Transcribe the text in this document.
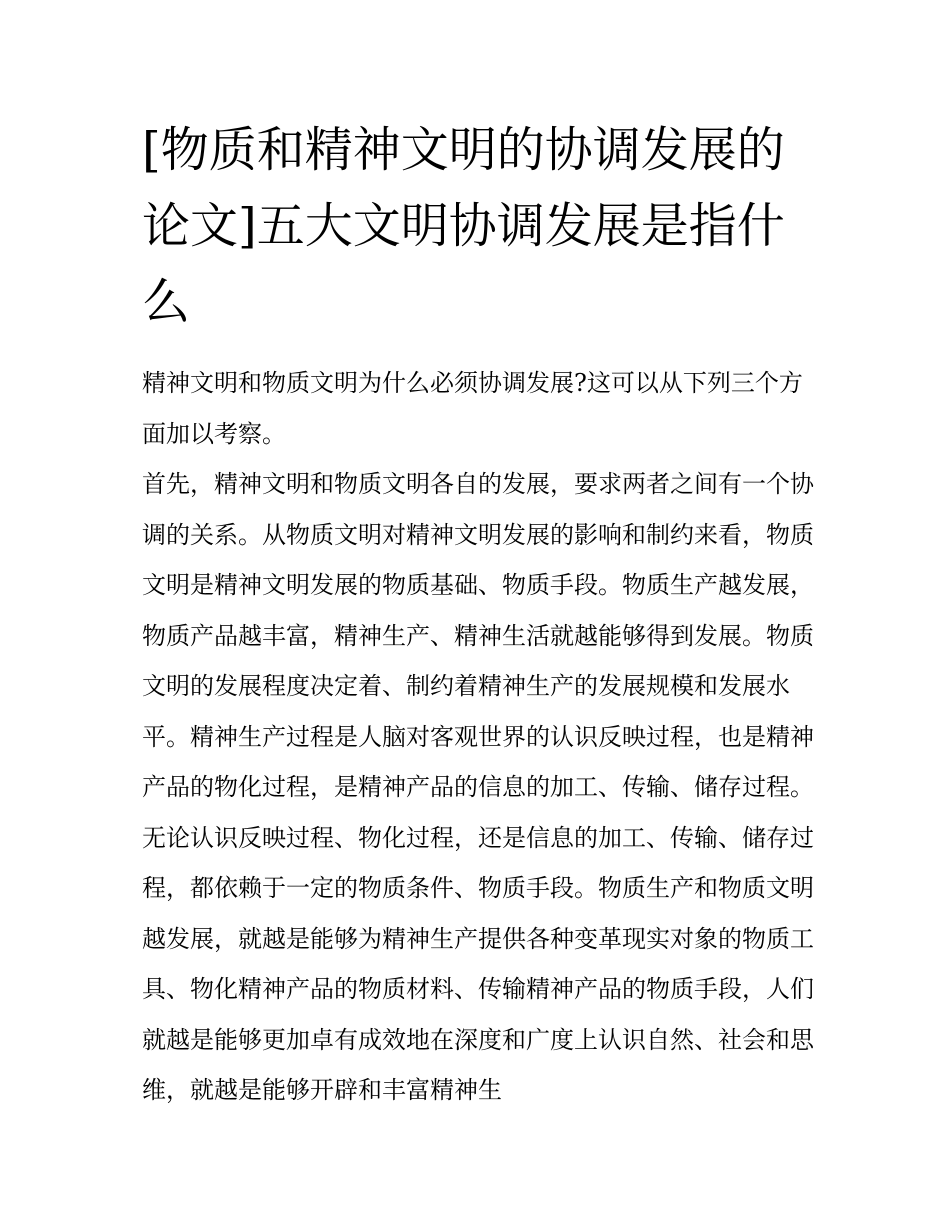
[物质和精神文明的协调发展的论文]五大文明协调发展是指什么

精神文明和物质文明为什么必须协调发展?这可以从下列三个方面加以考察。

首先，精神文明和物质文明各自的发展，要求两者之间有一个协调的关系。从物质文明对精神文明发展的影响和制约来看，物质文明是精神文明发展的物质基础、物质手段。物质生产越发展，物质产品越丰富，精神生产、精神生活就越能够得到发展。物质文明的发展程度决定着、制约着精神生产的发展规模和发展水平。精神生产过程是人脑对客观世界的认识反映过程，也是精神产品的物化过程，是精神产品的信息的加工、传输、储存过程。无论认识反映过程、物化过程，还是信息的加工、传输、储存过程，都依赖于一定的物质条件、物质手段。物质生产和物质文明越发展，就越是能够为精神生产提供各种变革现实对象的物质工具、物化精神产品的物质材料、传输精神产品的物质手段，人们就越是能够更加卓有成效地在深度和广度上认识自然、社会和思维，就越是能够开辟和丰富精神生
